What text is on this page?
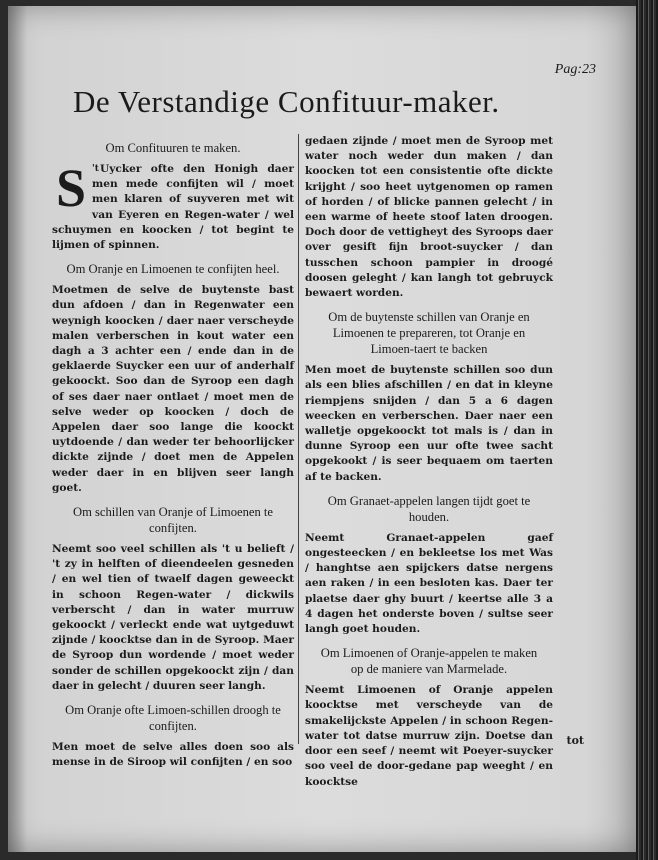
Pag:23
De Verstandige Confituur-maker.
Om Confituuren te maken.
$^{'t}$
S Uycker ofte den Honigh daer men mede confijten wil / moet men klaren of suyveren met wit van Eyeren en Regen-water / wel schuymen en koocken / tot begint te lijmen of spinnen.
Om Oranje en Limoenen te confijten heel.
Moetmen de selve de buytenste bast dun afdoen / dan in Regenwater een weynigh koocken / daer naer verscheyde malen verberschen in kout water een dagh a 3 achter een / ende dan in de geklaerde Suycker een uur of anderhalf gekoockt. Soo dan de Syroop een dagh of ses daer naer ontlaet / moet men de selve weder op koocken / doch de Appelen daer soo lange die koockt uytdoende / dan weder ter behoorlijcker dickte zijnde / doet men de Appelen weder daer in en blijven seer langh goet.
Om schillen van Oranje of Limoenen te confijten.
Neemt soo veel schillen als 't u belieft / 't zy in helften of dieendeelen gesneden / en wel tien of twaelf dagen geweeckt in schoon Regen-water / dickwils verberscht / dan in water murruw gekoockt / verleckt ende wat uytgeduwt zijnde / koocktse dan in de Syroop. Maer de Syroop dun wordende / moet weder sonder de schillen opgekoockt zijn / dan daer in gelecht / duuren seer langh.
Om Oranje ofte Limoen-schillen droogh te confijten.
Men moet de selve alles doen soo als mense in de Siroop wil confijten / en soo
gedaen zijnde / moet men de Syroop met water noch weder dun maken / dan koocken tot een consistentie ofte dickte krijght / soo heet uytgenomen op ramen of horden / of blicke pannen gelecht / in een warme of heete stoof laten droogen. Doch door de vettigheyt des Syroops daer over gesift fijn broot-suycker / dan tusschen schoon pampier in droogé doosen geleght / kan langh tot gebruyck bewaert worden.
Om de buytenste schillen van Oranje en Limoenen te prepareren, tot Oranje en Limoen-taert te backen
Men moet de buytenste schillen soo dun als een blies afschillen / en dat in kleyne riempjens snijden / dan 5 a 6 dagen weecken en verberschen. Daer naer een walletje opgekoockt tot mals is / dan in dunne Syroop een uur ofte twee sacht opgekookt / is seer bequaem om taerten af te backen.
Om Granaet-appelen langen tijdt goet te houden.
Neemt Granaet-appelen gaef ongesteecken / en bekleetse los met Was / hanghtse aen spijckers datse nergens aen raken / in een besloten kas. Daer ter plaetse daer ghy buurt / keertse alle 3 a 4 dagen het onderste boven / sultse seer langh goet houden.
Om Limoenen of Oranje-appelen te maken op de maniere van Marmelade.
Neemt Limoenen of Oranje appelen koocktse met verscheyde van de smakelijckste Appelen / in schoon Regen-water tot datse murruw zijn. Doetse dan door een seef / neemt wit Poeyer-suycker soo veel de door-gedane pap weeght / en koocktse
tot
